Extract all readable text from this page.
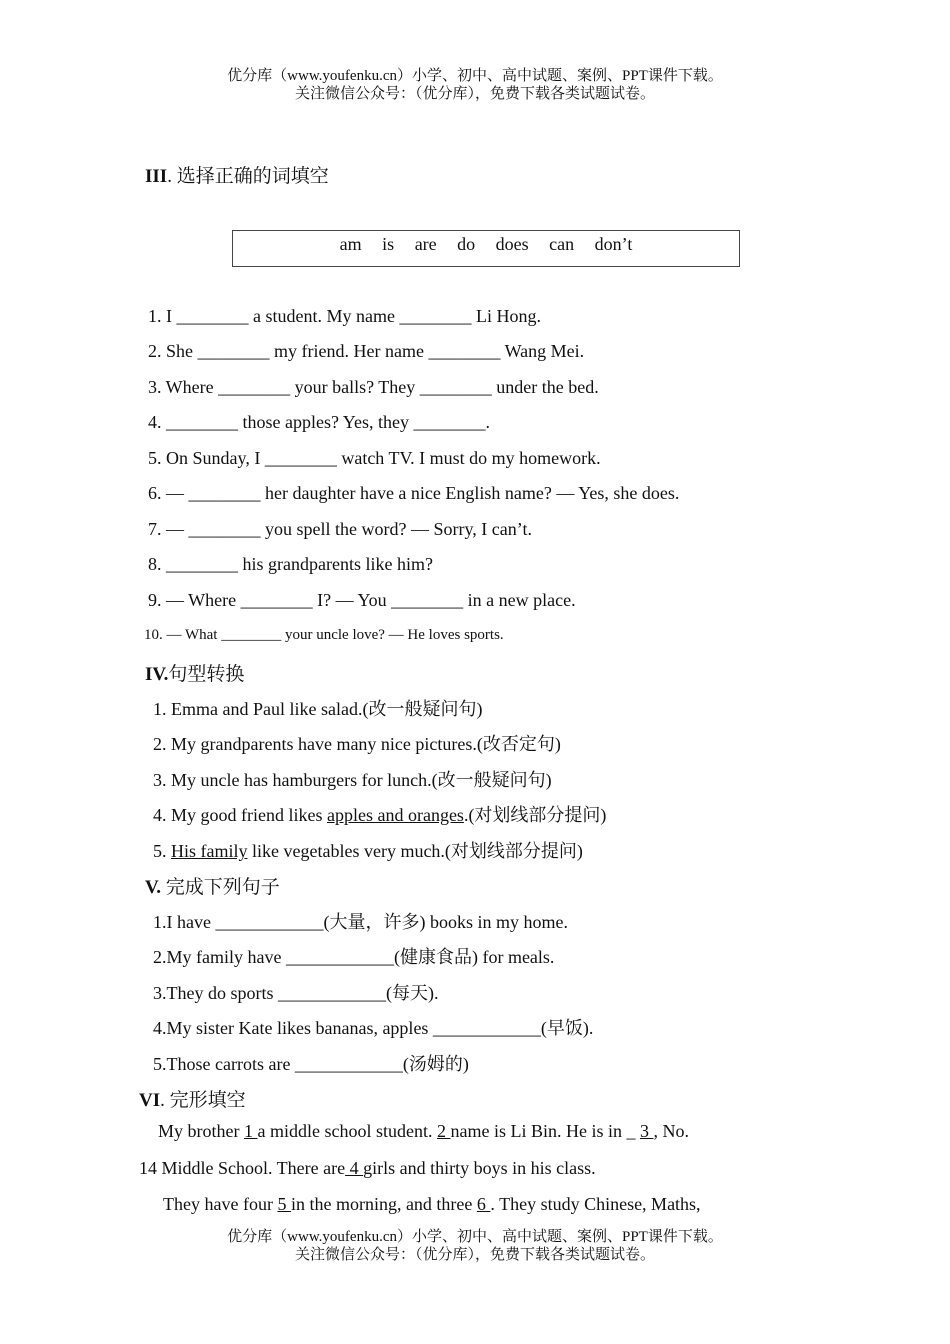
优分库（www.youfenku.cn）小学、初中、高中试题、案例、PPT课件下载。
关注微信公众号：（优分库），免费下载各类试题试卷。
III. 选择正确的词填空
am is are do does can don’t
1. I ________ a student. My name ________ Li Hong.
2. She ________ my friend. Her name ________ Wang Mei.
3. Where ________ your balls? They ________ under the bed.
4. ________ those apples? Yes, they ________.
5. On Sunday, I ________ watch TV. I must do my homework.
6. — ________ her daughter have a nice English name? — Yes, she does.
7. — ________ you spell the word? — Sorry, I can’t.
8. ________ his grandparents like him?
9. — Where ________ I? — You ________ in a new place.
10. — What ________ your uncle love? — He loves sports.
IV.句型转换
1. Emma and Paul like salad.(改一般疑问句)
2. My grandparents have many nice pictures.(改否定句)
3. My uncle has hamburgers for lunch.(改一般疑问句)
4. My good friend likes apples and oranges.(对划线部分提问)
5. His family like vegetables very much.(对划线部分提问)
V. 完成下列句子
1.I have ____________(大量，许多) books in my home.
2.My family have ____________(健康食品) for meals.
3.They do sports ____________(每天).
4.My sister Kate likes bananas, apples ____________(早饭).
5.Those carrots are ____________(汤姆的)
VI. 完形填空
My brother 1 a middle school student. 2 name is Li Bin. He is in _ 3 , No.
14 Middle School. There are 4 girls and thirty boys in his class.
They have four 5 in the morning, and three 6 . They study Chinese, Maths,
优分库（www.youfenku.cn）小学、初中、高中试题、案例、PPT课件下载。
关注微信公众号：（优分库），免费下载各类试题试卷。
